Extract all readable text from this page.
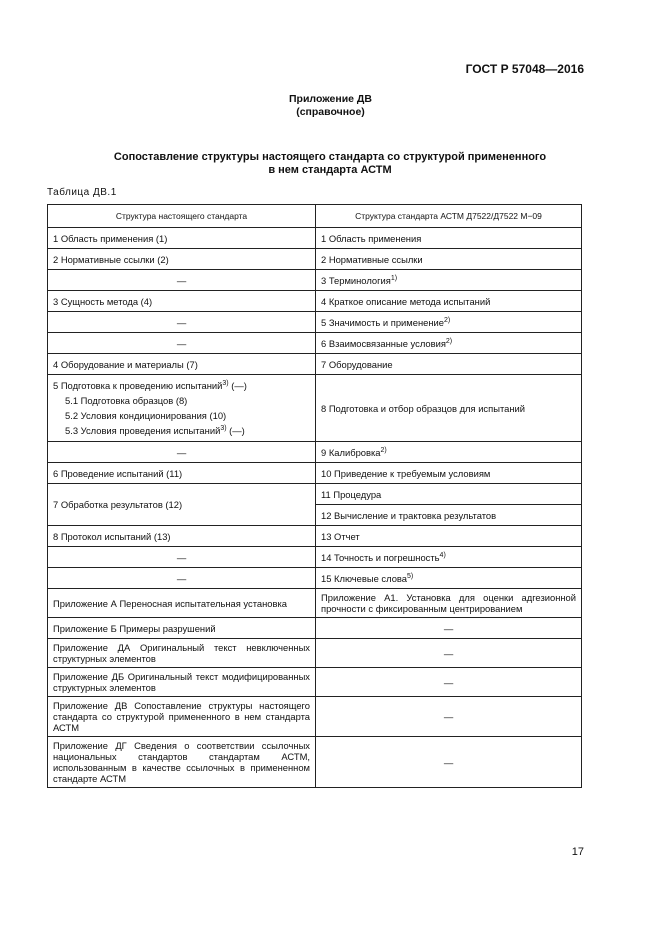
ГОСТ Р 57048—2016
Приложение ДВ
(справочное)
Сопоставление структуры настоящего стандарта со структурой примененного
в нем стандарта АСТМ
Таблица ДВ.1
Структура настоящего стандарта	Структура стандарта АСТМ Д7522/Д7522 М−09
1 Область применения (1)	1 Область применения
2 Нормативные ссылки (2)	2 Нормативные ссылки
—	3 Терминология$^{1)}$
3 Сущность метода (4)	4 Краткое описание метода испытаний
—	5 Значимость и применение$^{2)}$
—	6 Взаимосвязанные условия$^{2)}$
4 Оборудование и материалы (7)	7 Оборудование
5 Подготовка к проведению испытаний$^{3)}$ (—)
5.1 Подготовка образцов (8)
5.2 Условия кондиционирования (10)
5.3 Условия проведения испытаний$^{3)}$ (—)	8 Подготовка и отбор образцов для испытаний
—	9 Калибровка$^{2)}$
6 Проведение испытаний (11)	10 Приведение к требуемым условиям
7 Обработка результатов (12)	11 Процедура
	12 Вычисление и трактовка результатов
8 Протокол испытаний (13)	13 Отчет
—	14 Точность и погрешность$^{4)}$
—	15 Ключевые слова$^{5)}$
Приложение А Переносная испытательная установка	Приложение А1. Установка для оценки адгезионной прочности с фиксированным центрированием
Приложение Б Примеры разрушений	—
Приложение ДА Оригинальный текст невключенных структурных элементов	—
Приложение ДБ Оригинальный текст модифицированных структурных элементов	—
Приложение ДВ Сопоставление структуры настоящего стандарта со структурой примененного в нем стандарта АСТМ	—
Приложение ДГ Сведения о соответствии ссылочных национальных стандартов стандартам АСТМ, использованным в качестве ссылочных в примененном стандарте АСТМ	—
17
